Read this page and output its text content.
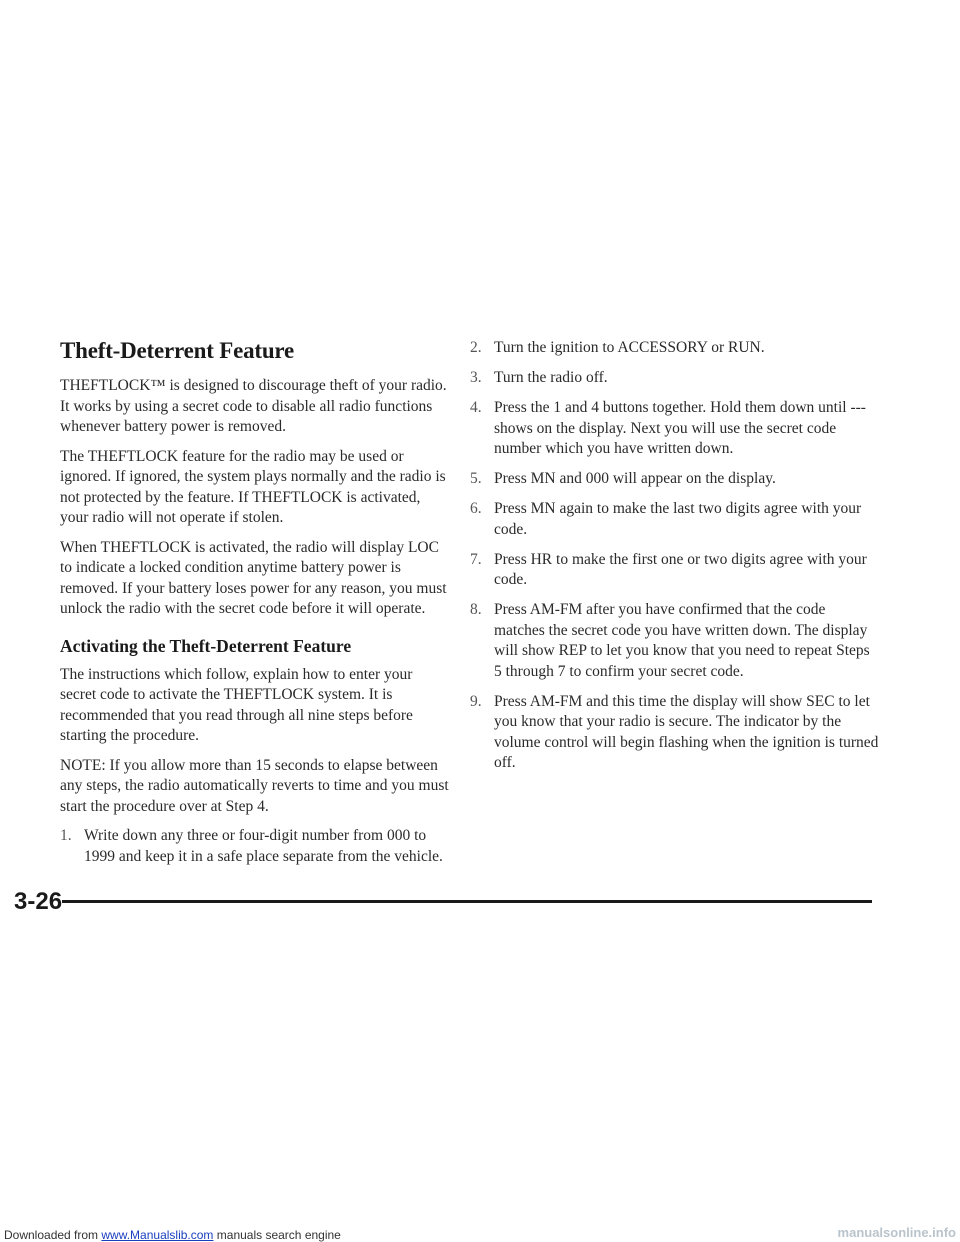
Theft-Deterrent Feature

THEFTLOCK™ is designed to discourage theft of your radio. It works by using a secret code to disable all radio functions whenever battery power is removed.

The THEFTLOCK feature for the radio may be used or ignored. If ignored, the system plays normally and the radio is not protected by the feature. If THEFTLOCK is activated, your radio will not operate if stolen.

When THEFTLOCK is activated, the radio will display LOC to indicate a locked condition anytime battery power is removed. If your battery loses power for any reason, you must unlock the radio with the secret code before it will operate.

Activating the Theft-Deterrent Feature

The instructions which follow, explain how to enter your secret code to activate the THEFTLOCK system. It is recommended that you read through all nine steps before starting the procedure.

NOTE: If you allow more than 15 seconds to elapse between any steps, the radio automatically reverts to time and you must start the procedure over at Step 4.

1. Write down any three or four-digit number from 000 to 1999 and keep it in a safe place separate from the vehicle.
2. Turn the ignition to ACCESSORY or RUN.
3. Turn the radio off.
4. Press the 1 and 4 buttons together. Hold them down until --- shows on the display. Next you will use the secret code number which you have written down.
5. Press MN and 000 will appear on the display.
6. Press MN again to make the last two digits agree with your code.
7. Press HR to make the first one or two digits agree with your code.
8. Press AM-FM after you have confirmed that the code matches the secret code you have written down. The display will show REP to let you know that you need to repeat Steps 5 through 7 to confirm your secret code.
9. Press AM-FM and this time the display will show SEC to let you know that your radio is secure. The indicator by the volume control will begin flashing when the ignition is turned off.
3-26
Downloaded from www.Manualslib.com manuals search engine	manualsonline.info
